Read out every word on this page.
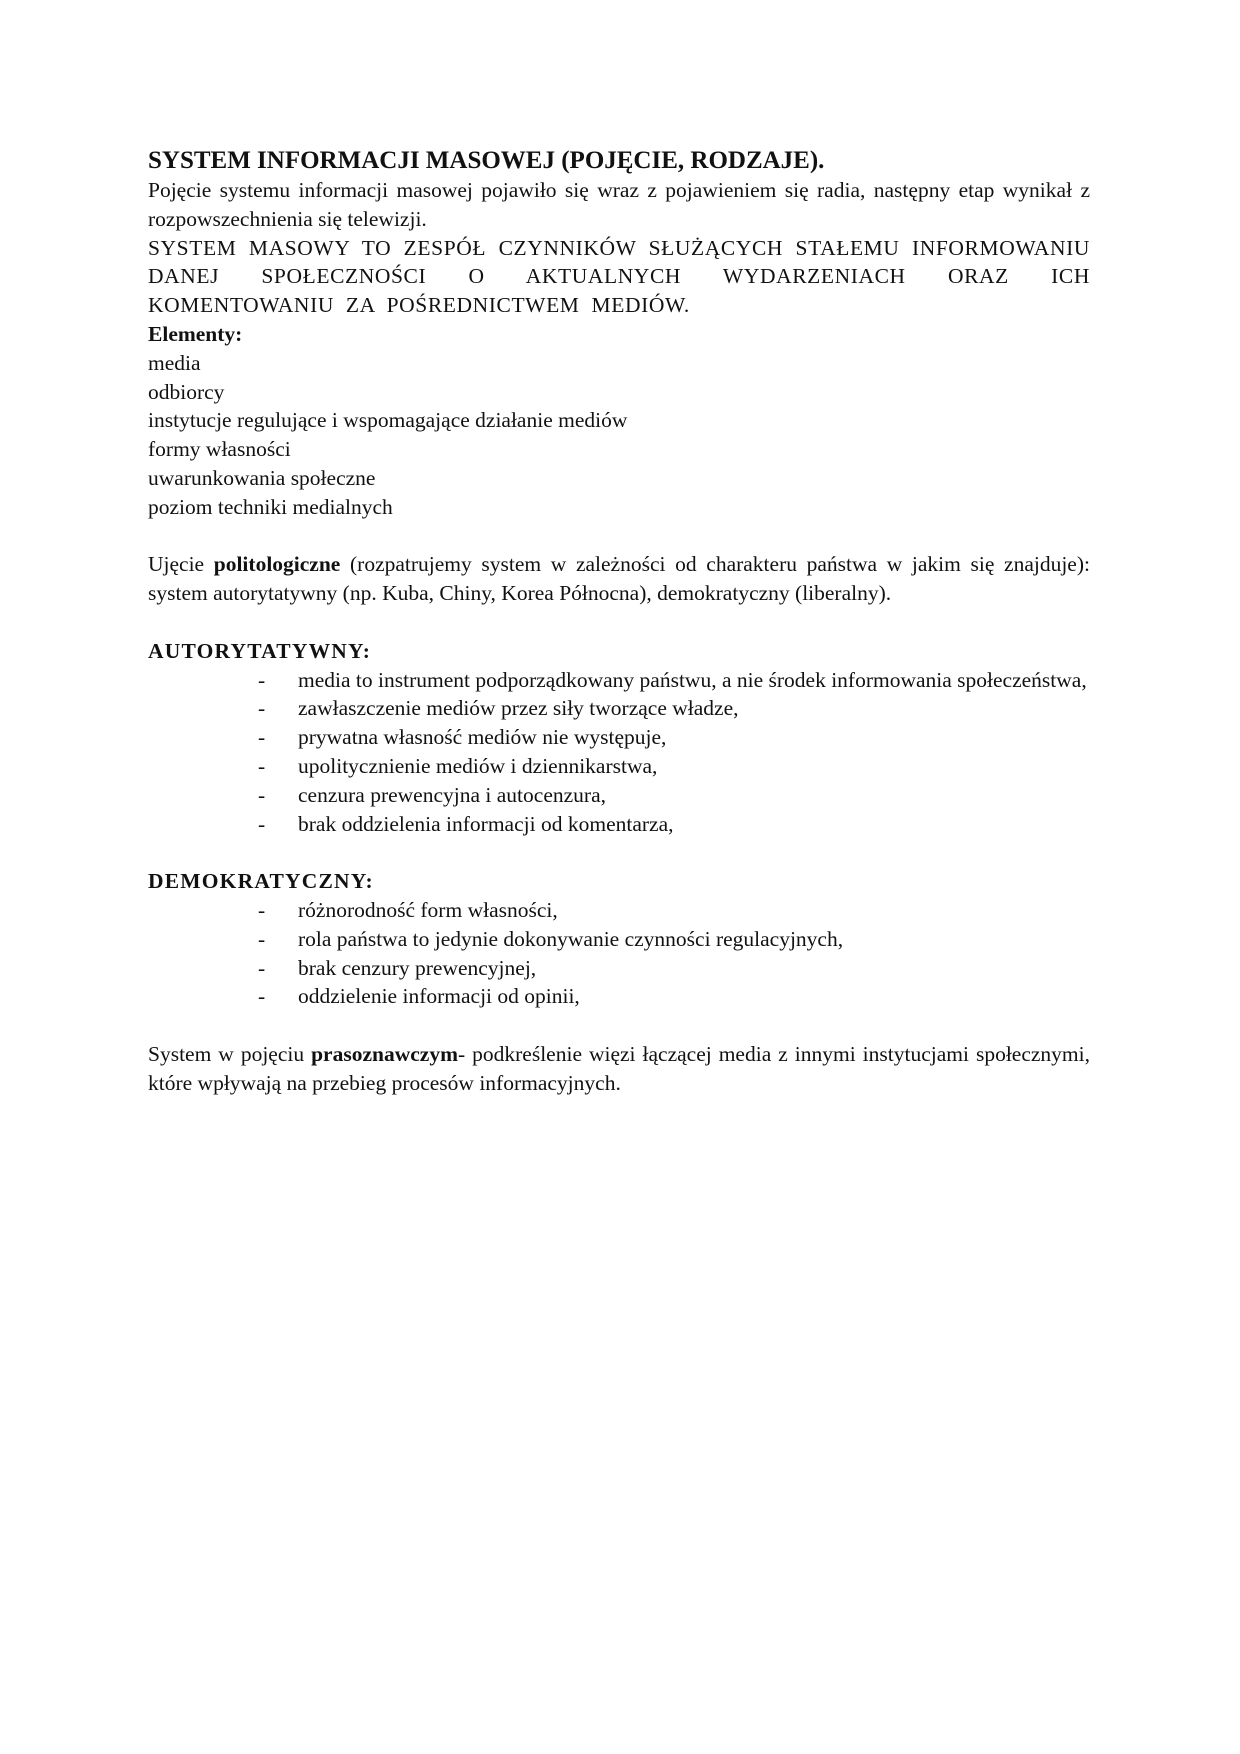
SYSTEM INFORMACJI MASOWEJ (POJĘCIE, RODZAJE).

Pojęcie systemu informacji masowej pojawiło się wraz z pojawieniem się radia, następny etap wynikał z rozpowszechnienia się telewizji.

SYSTEM MASOWY TO ZESPÓŁ CZYNNIKÓW SŁUŻĄCYCH STAŁEMU INFORMOWANIU DANEJ SPOŁECZNOŚCI O AKTUALNYCH WYDARZENIACH ORAZ ICH KOMENTOWANIU ZA POŚREDNICTWEM MEDIÓW.

Elementy:

media

odbiorcy

instytucje regulujące i wspomagające działanie mediów

formy własności

uwarunkowania społeczne

poziom techniki medialnych

Ujęcie politologiczne (rozpatrujemy system w zależności od charakteru państwa w jakim się znajduje): system autorytatywny (np. Kuba, Chiny, Korea Północna), demokratyczny (liberalny).

AUTORYTATYWNY:

- media to instrument podporządkowany państwu, a nie środek informowania społeczeństwa,
- zawłaszczenie mediów przez siły tworzące władze,
- prywatna własność mediów nie występuje,
- upolitycznienie mediów i dziennikarstwa,
- cenzura prewencyjna i autocenzura,
- brak oddzielenia informacji od komentarza,

DEMOKRATYCZNY:

- różnorodność form własności,
- rola państwa to jedynie dokonywanie czynności regulacyjnych,
- brak cenzury prewencyjnej,
- oddzielenie informacji od opinii,

System w pojęciu prasoznawczym- podkreślenie więzi łączącej media z innymi instytucjami społecznymi, które wpływają na przebieg procesów informacyjnych.
